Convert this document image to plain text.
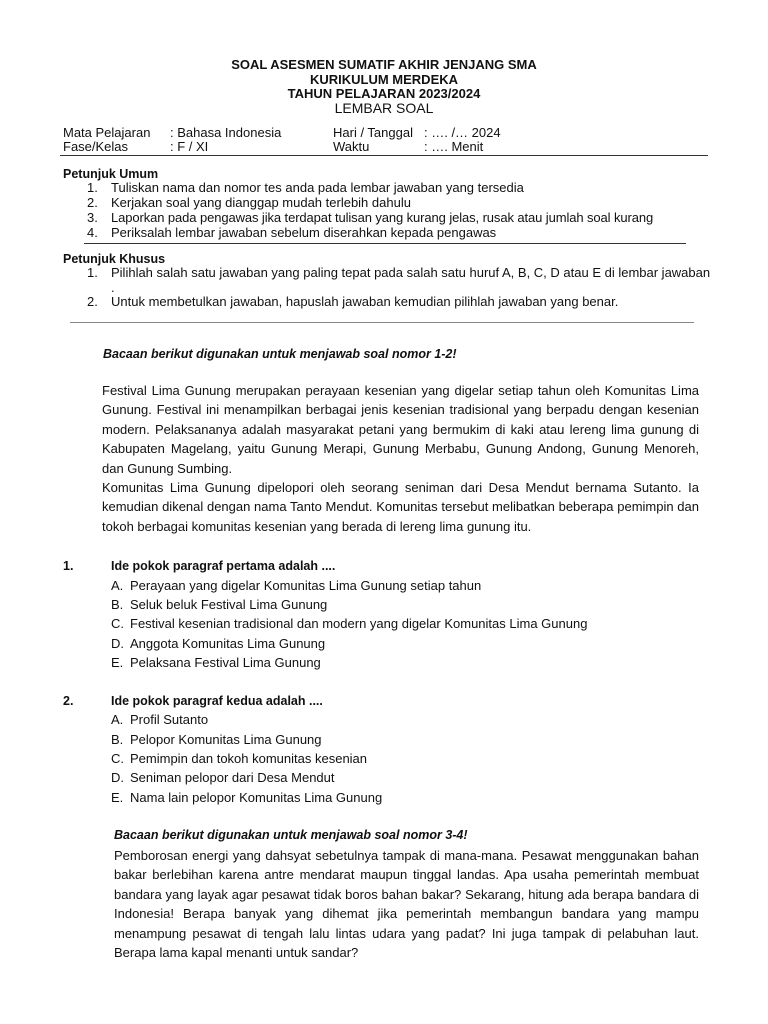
SOAL ASESMEN SUMATIF AKHIR JENJANG SMA
KURIKULUM MERDEKA
TAHUN PELAJARAN 2023/2024
LEMBAR SOAL
Mata Pelajaran : Bahasa Indonesia	Hari / Tanggal : …. /… 2024
Fase/Kelas	: F / XI	Waktu	: …. Menit
Petunjuk Umum
1. Tuliskan nama dan nomor tes anda pada lembar jawaban yang tersedia
2. Kerjakan soal yang dianggap mudah terlebih dahulu
3. Laporkan pada pengawas jika terdapat tulisan yang kurang jelas, rusak atau jumlah soal kurang
4. Periksalah lembar jawaban sebelum diserahkan kepada pengawas
Petunjuk Khusus
1. Pilihlah salah satu jawaban yang paling tepat pada salah satu huruf A, B, C, D atau E di lembar jawaban .
2. Untuk membetulkan jawaban, hapuslah jawaban kemudian pilihlah jawaban yang benar.
Bacaan berikut digunakan untuk menjawab soal nomor 1-2!
Festival Lima Gunung merupakan perayaan kesenian yang digelar setiap tahun oleh Komunitas Lima Gunung. Festival ini menampilkan berbagai jenis kesenian tradisional yang berpadu dengan kesenian modern. Pelaksananya adalah masyarakat petani yang bermukim di kaki atau lereng lima gunung di Kabupaten Magelang, yaitu Gunung Merapi, Gunung Merbabu, Gunung Andong, Gunung Menoreh, dan Gunung Sumbing.
Komunitas Lima Gunung dipelopori oleh seorang seniman dari Desa Mendut bernama Sutanto. Ia kemudian dikenal dengan nama Tanto Mendut. Komunitas tersebut melibatkan beberapa pemimpin dan tokoh berbagai komunitas kesenian yang berada di lereng lima gunung itu.
1.	Ide pokok paragraf pertama adalah ....
A. Perayaan yang digelar Komunitas Lima Gunung setiap tahun
B. Seluk beluk Festival Lima Gunung
C. Festival kesenian tradisional dan modern yang digelar Komunitas Lima Gunung
D. Anggota Komunitas Lima Gunung
E. Pelaksana Festival Lima Gunung
2.	Ide pokok paragraf kedua adalah ....
A. Profil Sutanto
B. Pelopor Komunitas Lima Gunung
C. Pemimpin dan tokoh komunitas kesenian
D. Seniman pelopor dari Desa Mendut
E. Nama lain pelopor Komunitas Lima Gunung
Bacaan berikut digunakan untuk menjawab soal nomor 3-4!
Pemborosan energi yang dahsyat sebetulnya tampak di mana-mana. Pesawat menggunakan bahan bakar berlebihan karena antre mendarat maupun tinggal landas. Apa usaha pemerintah membuat bandara yang layak agar pesawat tidak boros bahan bakar? Sekarang, hitung ada berapa bandara di Indonesia! Berapa banyak yang dihemat jika pemerintah membangun bandara yang mampu menampung pesawat di tengah lalu lintas udara yang padat? Ini juga tampak di pelabuhan laut. Berapa lama kapal menanti untuk sandar?
